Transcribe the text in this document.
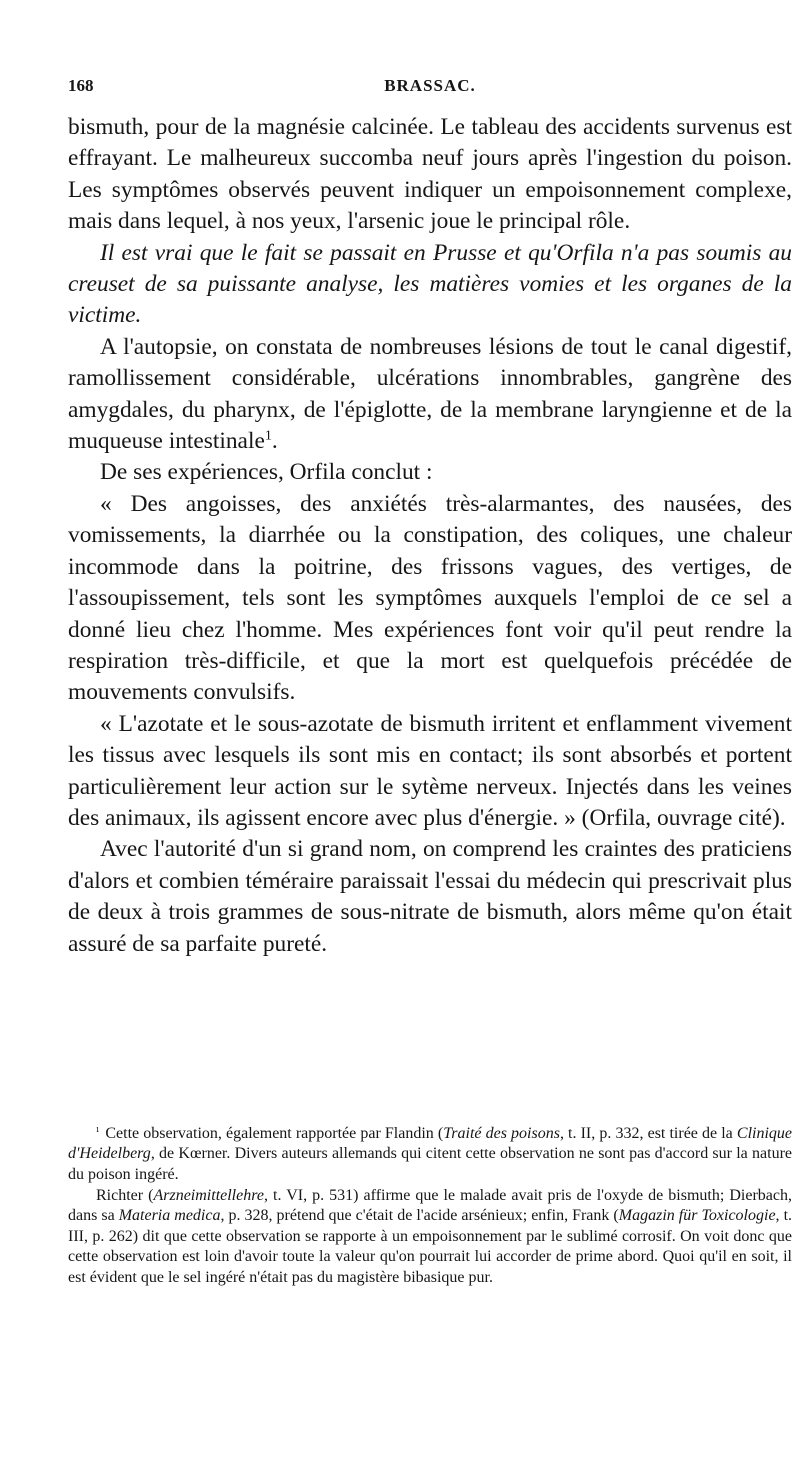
168	BRASSAC.

bismuth, pour de la magnésie calcinée. Le tableau des accidents survenus est effrayant. Le malheureux succomba neuf jours après l'ingestion du poison. Les symptômes observés peuvent indiquer un empoisonnement complexe, mais dans lequel, à nos yeux, l'arsenic joue le principal rôle.

Il est vrai que le fait se passait en Prusse et qu'Orfila n'a pas soumis au creuset de sa puissante analyse, les matières vomies et les organes de la victime.

A l'autopsie, on constata de nombreuses lésions de tout le canal digestif, ramollissement considérable, ulcérations innombrables, gangrène des amygdales, du pharynx, de l'épiglotte, de la membrane laryngienne et de la muqueuse intestinale$^1$.

De ses expériences, Orfila conclut :

« Des angoisses, des anxiétés très-alarmantes, des nausées, des vomissements, la diarrhée ou la constipation, des coliques, une chaleur incommode dans la poitrine, des frissons vagues, des vertiges, de l'assoupissement, tels sont les symptômes auxquels l'emploi de ce sel a donné lieu chez l'homme. Mes expériences font voir qu'il peut rendre la respiration très-difficile, et que la mort est quelquefois précédée de mouvements convulsifs.

« L'azotate et le sous-azotate de bismuth irritent et enflamment vivement les tissus avec lesquels ils sont mis en contact; ils sont absorbés et portent particulièrement leur action sur le sytème nerveux. Injectés dans les veines des animaux, ils agissent encore avec plus d'énergie. » (Orfila, ouvrage cité).

Avec l'autorité d'un si grand nom, on comprend les craintes des praticiens d'alors et combien téméraire paraissait l'essai du médecin qui prescrivait plus de deux à trois grammes de sous-nitrate de bismuth, alors même qu'on était assuré de sa parfaite pureté.

¹ Cette observation, également rapportée par Flandin (Traité des poisons, t. II, p. 332, est tirée de la Clinique d'Heidelberg, de Kœrner. Divers auteurs allemands qui citent cette observation ne sont pas d'accord sur la nature du poison ingéré.

Richter (Arzneimittellehre, t. VI, p. 531) affirme que le malade avait pris de l'oxyde de bismuth; Dierbach, dans sa Materia medica, p. 328, prétend que c'était de l'acide arsénieux; enfin, Frank (Magazin für Toxicologie, t. III, p. 262) dit que cette observation se rapporte à un empoisonnement par le sublimé corrosif. On voit donc que cette observation est loin d'avoir toute la valeur qu'on pourrait lui accorder de prime abord. Quoi qu'il en soit, il est évident que le sel ingéré n'était pas du magistère bibasique pur.
